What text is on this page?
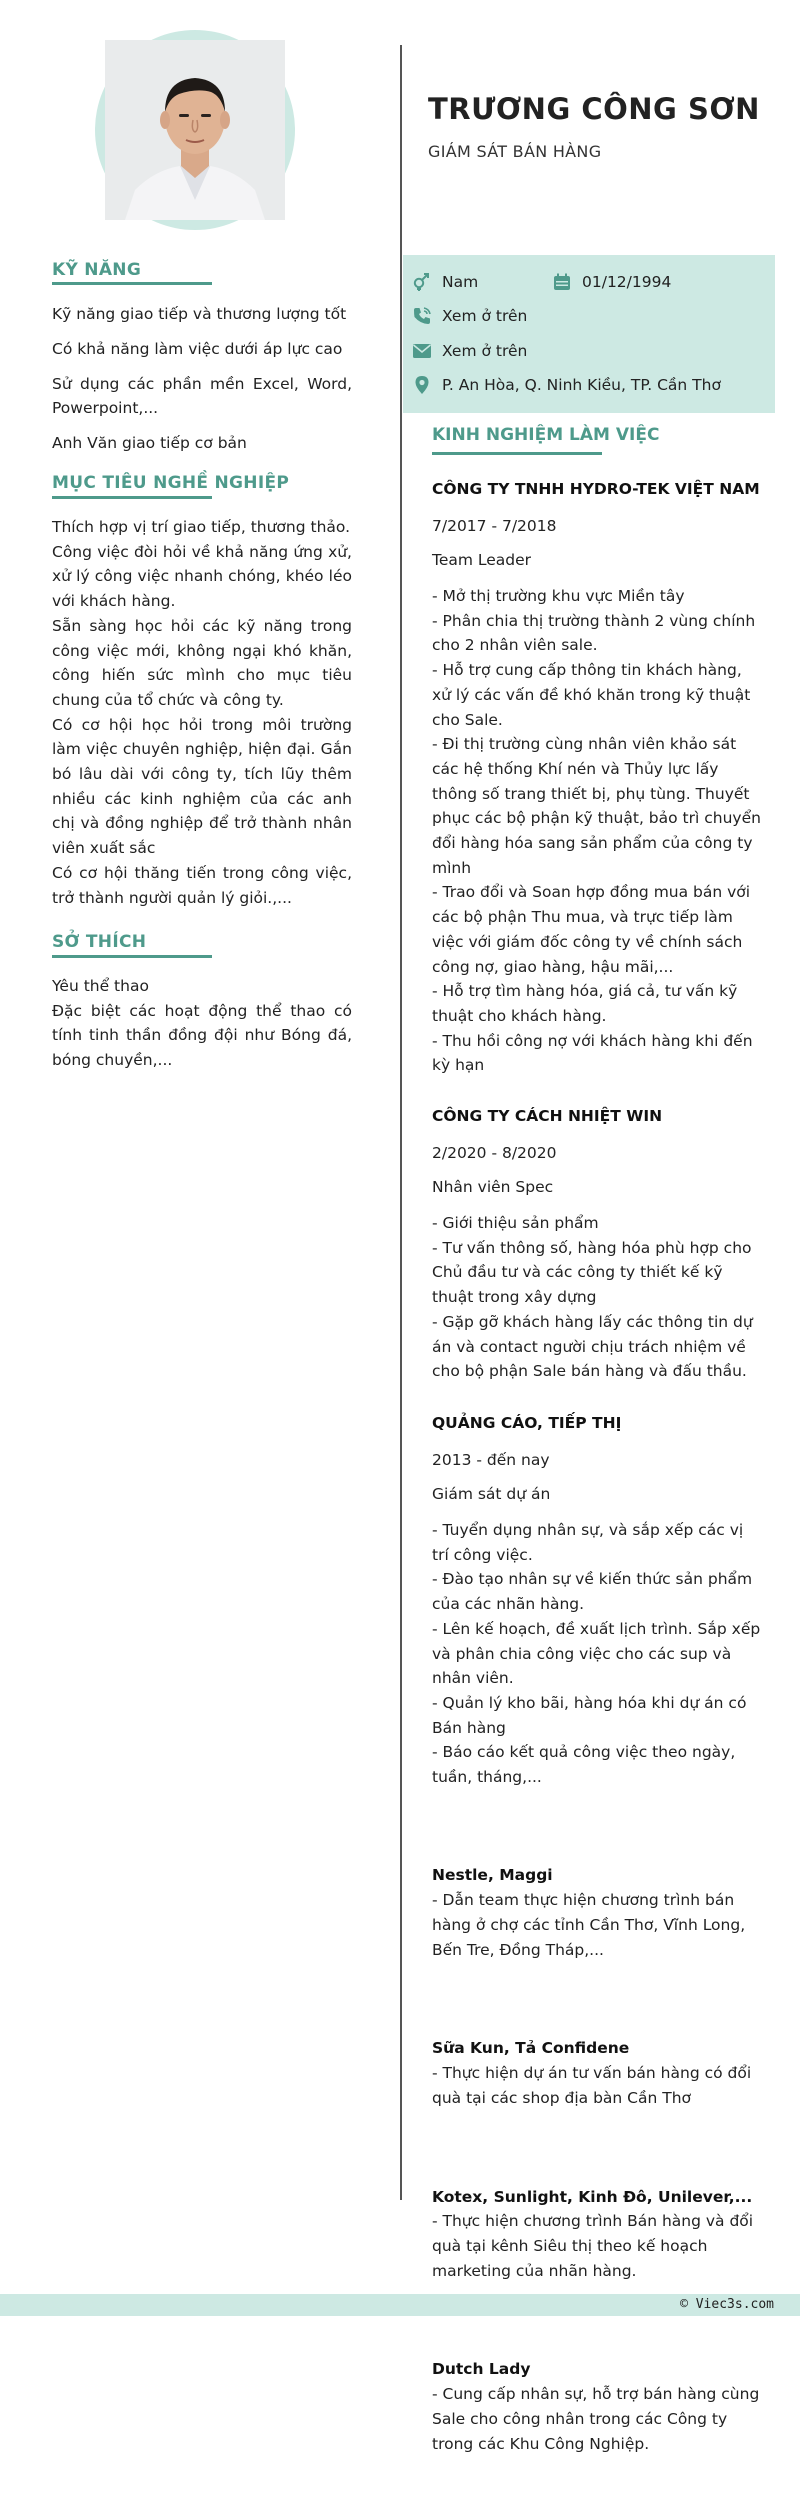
KỸ NĂNG
Kỹ năng giao tiếp và thương lượng tốt
Có khả năng làm việc dưới áp lực cao
Sử dụng các phần mền Excel, Word, Powerpoint,...
Anh Văn giao tiếp cơ bản
MỤC TIÊU NGHỀ NGHIỆP
Thích hợp vị trí giao tiếp, thương thảo.
Công việc đòi hỏi về khả năng ứng xử, xử lý công việc nhanh chóng, khéo léo với khách hàng.
Sẵn sàng học hỏi các kỹ năng trong công việc mới, không ngại khó khăn, công hiến sức mình cho mục tiêu chung của tổ chức và công ty.
Có cơ hội học hỏi trong môi trường làm việc chuyên nghiệp, hiện đại. Gắn bó lâu dài với công ty, tích lũy thêm nhiều các kinh nghiệm của các anh chị và đồng nghiệp để trở thành nhân viên xuất sắc
Có cơ hội thăng tiến trong công việc, trở thành người quản lý giỏi.,...
SỞ THÍCH
Yêu thể thao
Đặc biệt các hoạt động thể thao có tính tinh thần đồng đội như Bóng đá, bóng chuyền,...
TRƯƠNG CÔNG SƠN
GIÁM SÁT BÁN HÀNG
Nam	01/12/1994
Xem ở trên
Xem ở trên
P. An Hòa, Q. Ninh Kiều, TP. Cần Thơ
KINH NGHIỆM LÀM VIỆC
CÔNG TY TNHH HYDRO-TEK VIỆT NAM
7/2017 - 7/2018
Team Leader
- Mở thị trường khu vực Miền tây
- Phân chia thị trường thành 2 vùng chính cho 2 nhân viên sale.
- Hỗ trợ cung cấp thông tin khách hàng, xử lý các vấn đề khó khăn trong kỹ thuật cho Sale.
- Đi thị trường cùng nhân viên khảo sát các hệ thống Khí nén và Thủy lực lấy thông số trang thiết bị, phụ tùng. Thuyết phục các bộ phận kỹ thuật, bảo trì chuyển đổi hàng hóa sang sản phẩm của công ty mình
- Trao đổi và Soan hợp đồng mua bán với các bộ phận Thu mua, và trực tiếp làm việc với giám đốc công ty về chính sách công nợ, giao hàng, hậu mãi,...
- Hỗ trợ tìm hàng hóa, giá cả, tư vấn kỹ thuật cho khách hàng.
- Thu hồi công nợ với khách hàng khi đến kỳ hạn
CÔNG TY CÁCH NHIỆT WIN
2/2020 - 8/2020
Nhân viên Spec
- Giới thiệu sản phẩm
- Tư vấn thông số, hàng hóa phù hợp cho Chủ đầu tư và các công ty thiết kế kỹ thuật trong xây dựng
- Gặp gỡ khách hàng lấy các thông tin dự án và contact người chịu trách nhiệm về cho bộ phận Sale bán hàng và đấu thầu.
QUẢNG CÁO, TIẾP THỊ
2013 - đến nay
Giám sát dự án
- Tuyển dụng nhân sự, và sắp xếp các vị trí công việc.
- Đào tạo nhân sự về kiến thức sản phẩm của các nhãn hàng.
- Lên kế hoạch, đề xuất lịch trình. Sắp xếp và phân chia công việc cho các sup và nhân viên.
- Quản lý kho bãi, hàng hóa khi dự án có Bán hàng
- Báo cáo kết quả công việc theo ngày, tuần, tháng,...

Nestle, Maggi

- Dẫn team thực hiện chương trình bán hàng ở chợ các tỉnh Cần Thơ, Vĩnh Long, Bến Tre, Đồng Tháp,...

Sữa Kun, Tả Confidene

- Thực hiện dự án tư vấn bán hàng có đổi quà tại các shop địa bàn Cần Thơ

Kotex, Sunlight, Kinh Đô, Unilever,...

- Thực hiện chương trình Bán hàng và đổi quà tại kênh Siêu thị theo kế hoạch marketing của nhãn hàng.

Dutch Lady

- Cung cấp nhân sự, hỗ trợ bán hàng cùng Sale cho công nhân trong các Công ty trong các Khu Công Nghiệp.

© Viec3s.com
